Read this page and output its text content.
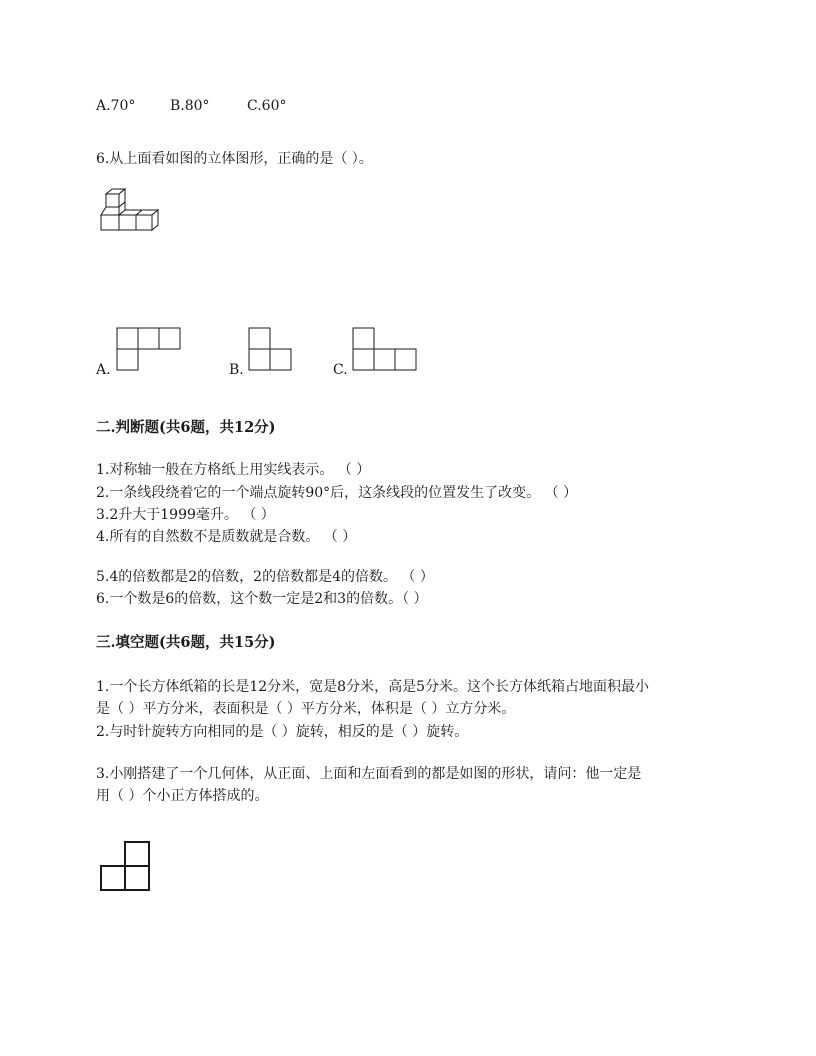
A.70° B.80°	C.60°
6.从上面看如图的立体图形，正确的是（ ）。
A.	B.	C.
二.判断题(共6题，共12分)
1.对称轴一般在方格纸上用实线表示。 （ ）
2.一条线段绕着它的一个端点旋转90°后，这条线段的位置发生了改变。 （ ）
3.2升大于1999毫升。 （ ）
4.所有的自然数不是质数就是合数。 （ ）
5.4的倍数都是2的倍数，2的倍数都是4的倍数。 （ ）
6.一个数是6的倍数，这个数一定是2和3的倍数。（ ）
三.填空题(共6题，共15分)
1.一个长方体纸箱的长是12分米，宽是8分米，高是5分米。这个长方体纸箱占地面积最小
是（ ）平方分米，表面积是（ ）平方分米，体积是（ ）立方分米。
2.与时针旋转方向相同的是（ ）旋转，相反的是（ ）旋转。
3.小刚搭建了一个几何体，从正面、上面和左面看到的都是如图的形状，请问：他一定是
用（ ）个小正方体搭成的。
